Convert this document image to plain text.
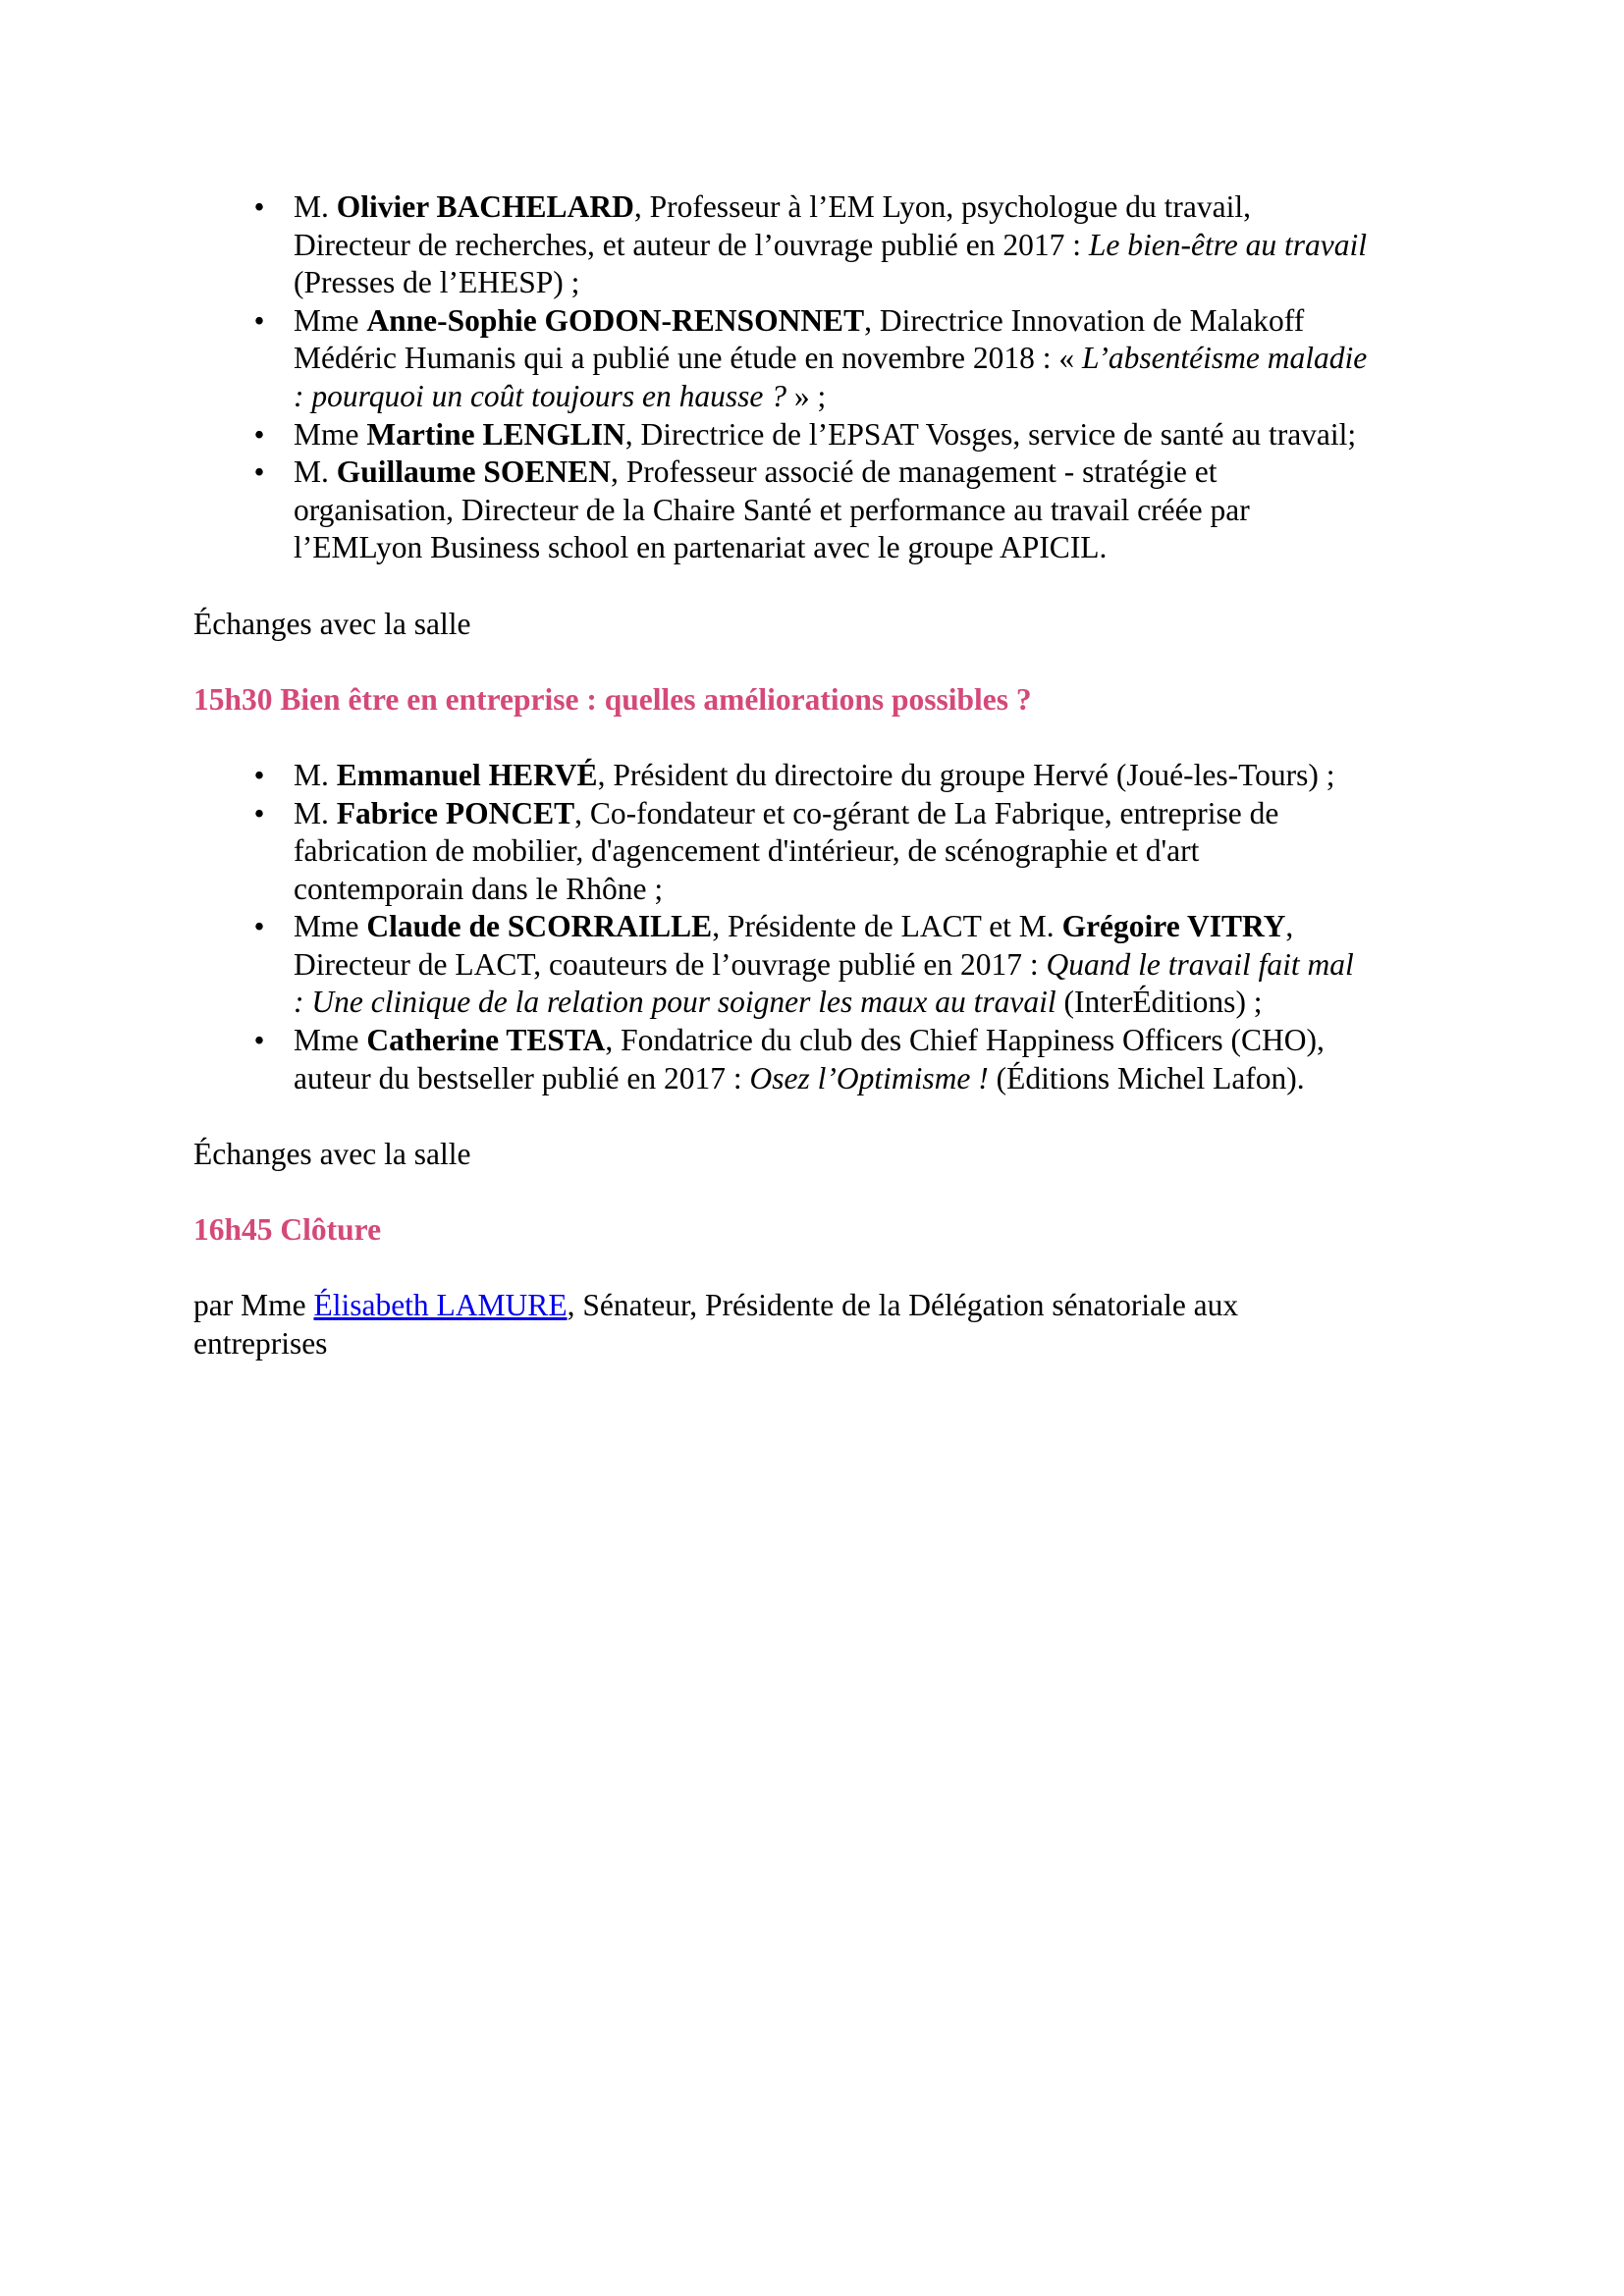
• M. Olivier BACHELARD, Professeur à l’EM Lyon, psychologue du travail,
Directeur de recherches, et auteur de l’ouvrage publié en 2017 : Le bien-être au travail
(Presses de l’EHESP) ;
• Mme Anne-Sophie GODON-RENSONNET, Directrice Innovation de Malakoff
Médéric Humanis qui a publié une étude en novembre 2018 : « L’absentéisme maladie
: pourquoi un coût toujours en hausse ? » ;
• Mme Martine LENGLIN, Directrice de l’EPSAT Vosges, service de santé au travail;
• M. Guillaume SOENEN, Professeur associé de management - stratégie et
organisation, Directeur de la Chaire Santé et performance au travail créée par
l’EMLyon Business school en partenariat avec le groupe APICIL.
Échanges avec la salle
15h30 Bien être en entreprise : quelles améliorations possibles ?
• M. Emmanuel HERVÉ, Président du directoire du groupe Hervé (Joué-les-Tours) ;
• M. Fabrice PONCET, Co-fondateur et co-gérant de La Fabrique, entreprise de
fabrication de mobilier, d'agencement d'intérieur, de scénographie et d'art
contemporain dans le Rhône ;
• Mme Claude de SCORRAILLE, Présidente de LACT et M. Grégoire VITRY,
Directeur de LACT, coauteurs de l’ouvrage publié en 2017 : Quand le travail fait mal
: Une clinique de la relation pour soigner les maux au travail (InterÉditions) ;
• Mme Catherine TESTA, Fondatrice du club des Chief Happiness Officers (CHO),
auteur du bestseller publié en 2017 : Osez l’Optimisme ! (Éditions Michel Lafon).
Échanges avec la salle
16h45 Clôture
par Mme Élisabeth LAMURE, Sénateur, Présidente de la Délégation sénatoriale aux
entreprises
